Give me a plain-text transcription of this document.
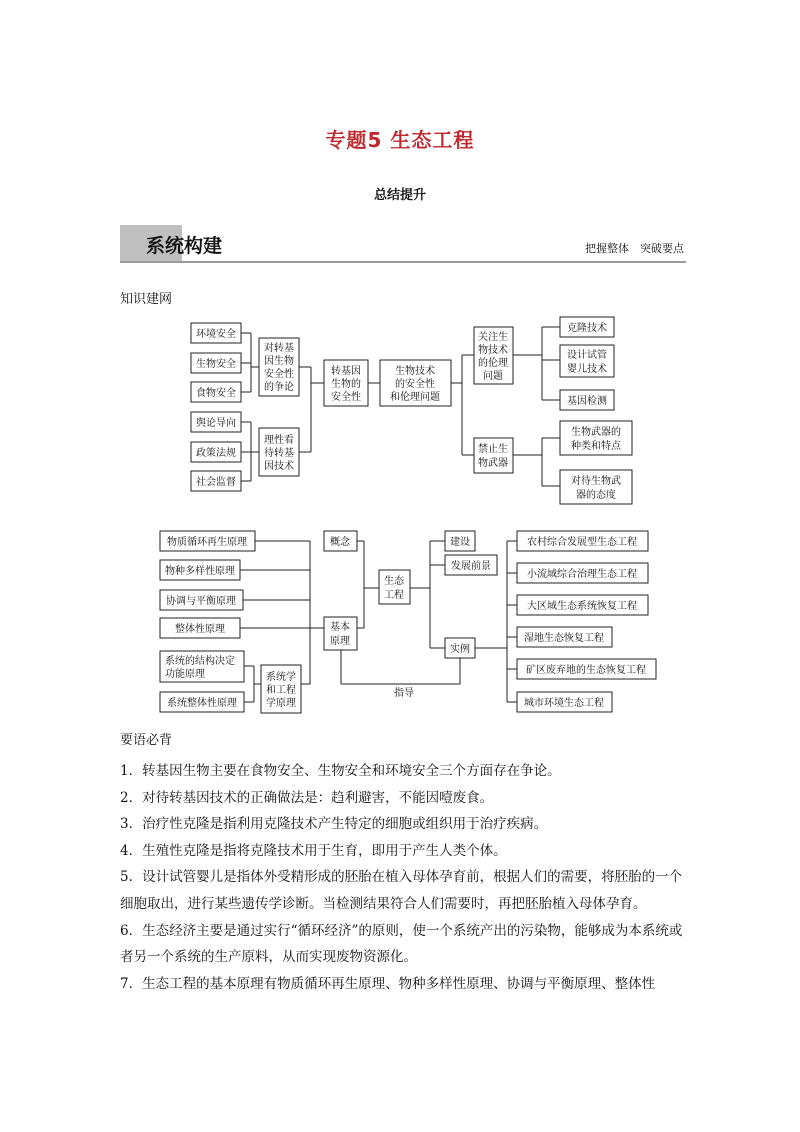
专题5 生态工程
总结提升
系统构建	把握整体　突破要点
知识建网
环境安全
生物安全
食物安全
舆论导向
政策法规
社会监督
对转基
因生物
安全性
的争论
理性看
待转基
因技术
转基因
生物的
安全性
生物技术
的安全性
和伦理问题
关注生
物技术
的伦理
问题
禁止生
物武器
克隆技术
设计试管
婴儿技术
基因检测
生物武器的
种类和特点
对待生物武
器的态度
物质循环再生原理
物种多样性原理
协调与平衡原理
整体性原理
系统的结构决定
功能原理
系统整体性原理
系统学
和工程
学原理
概念
基本
原理
生态
工程
建设
发展前景
实例
指导
农村综合发展型生态工程
小流域综合治理生态工程
大区域生态系统恢复工程
湿地生态恢复工程
矿区废弃地的生态恢复工程
城市环境生态工程
要语必背

1．转基因生物主要在食物安全、生物安全和环境安全三个方面存在争论。

2．对待转基因技术的正确做法是：趋利避害，不能因噎废食。

3．治疗性克隆是指利用克隆技术产生特定的细胞或组织用于治疗疾病。

4．生殖性克隆是指将克隆技术用于生育，即用于产生人类个体。

5．设计试管婴儿是指体外受精形成的胚胎在植入母体孕育前，根据人们的需要，将胚胎的一个细胞取出，进行某些遗传学诊断。当检测结果符合人们需要时，再把胚胎植入母体孕育。

6．生态经济主要是通过实行“循环经济”的原则，使一个系统产出的污染物，能够成为本系统或者另一个系统的生产原料，从而实现废物资源化。

7．生态工程的基本原理有物质循环再生原理、物种多样性原理、协调与平衡原理、整体性
